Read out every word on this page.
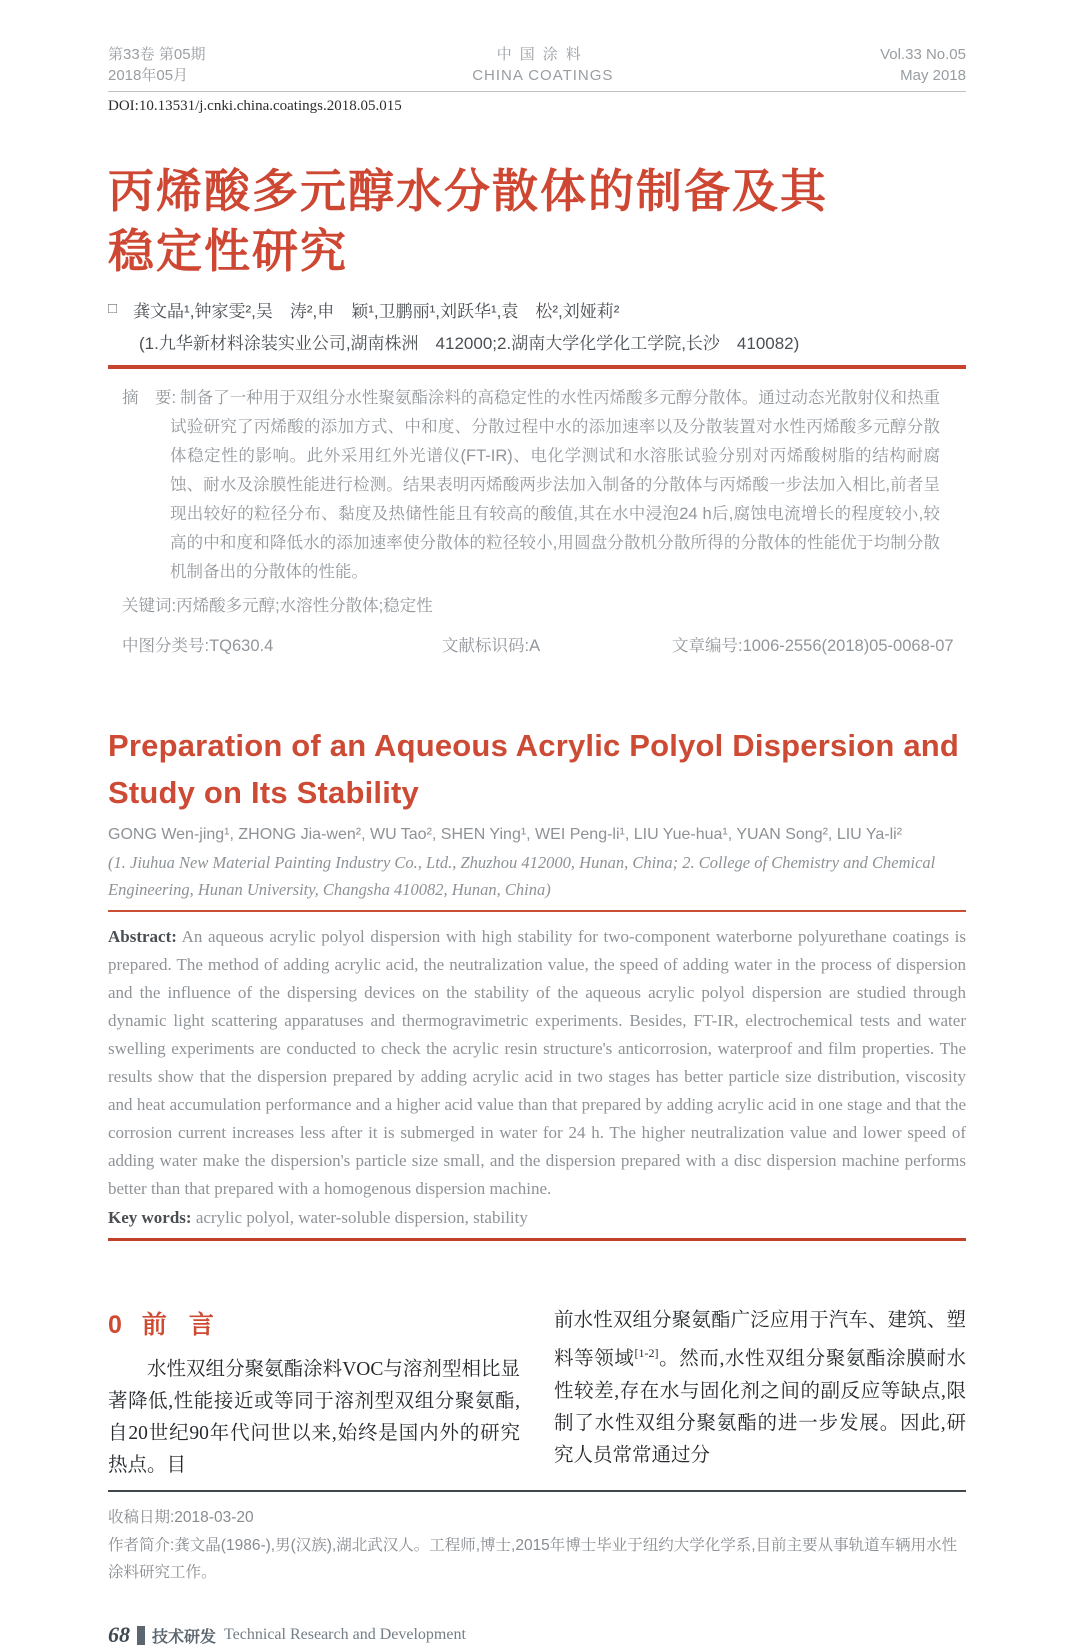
第33卷 第05期
2018年05月
中国涂料
CHINA COATINGS
Vol.33 No.05
May 2018
DOI:10.13531/j.cnki.china.coatings.2018.05.015
丙烯酸多元醇水分散体的制备及其
稳定性研究
□ 龚文晶¹,钟家雯²,吴　涛²,申　颖¹,卫鹏丽¹,刘跃华¹,袁　松²,刘娅莉²
(1.九华新材料涂装实业公司,湖南株洲　412000;2.湖南大学化学化工学院,长沙　410082)

摘　要: 制备了一种用于双组分水性聚氨酯涂料的高稳定性的水性丙烯酸多元醇分散体。通过动态光散射仪和热重试验研究了丙烯酸的添加方式、中和度、分散过程中水的添加速率以及分散装置对水性丙烯酸多元醇分散体稳定性的影响。此外采用红外光谱仪(FT-IR)、电化学测试和水溶胀试验分别对丙烯酸树脂的结构耐腐蚀、耐水及涂膜性能进行检测。结果表明丙烯酸两步法加入制备的分散体与丙烯酸一步法加入相比,前者呈现出较好的粒径分布、黏度及热储性能且有较高的酸值,其在水中浸泡24 h后,腐蚀电流增长的程度较小,较高的中和度和降低水的添加速率使分散体的粒径较小,用圆盘分散机分散所得的分散体的性能优于均制分散机制备出的分散体的性能。

关键词:丙烯酸多元醇;水溶性分散体;稳定性

中图分类号:TQ630.4	文献标识码:A	文章编号:1006-2556(2018)05-0068-07
Preparation of an Aqueous Acrylic Polyol Dispersion and
Study on Its Stability
GONG Wen-jing¹, ZHONG Jia-wen², WU Tao², SHEN Ying¹, WEI Peng-li¹, LIU Yue-hua¹, YUAN Song², LIU Ya-li²
(1. Jiuhua New Material Painting Industry Co., Ltd., Zhuzhou 412000, Hunan, China; 2. College of Chemistry and Chemical Engineering, Hunan University, Changsha 410082, Hunan, China)

Abstract: An aqueous acrylic polyol dispersion with high stability for two-component waterborne polyurethane coatings is prepared. The method of adding acrylic acid, the neutralization value, the speed of adding water in the process of dispersion and the influence of the dispersing devices on the stability of the aqueous acrylic polyol dispersion are studied through dynamic light scattering apparatuses and thermogravimetric experiments. Besides, FT-IR, electrochemical tests and water swelling experiments are conducted to check the acrylic resin structure's anticorrosion, waterproof and film properties. The results show that the dispersion prepared by adding acrylic acid in two stages has better particle size distribution, viscosity and heat accumulation performance and a higher acid value than that prepared by adding acrylic acid in one stage and that the corrosion current increases less after it is submerged in water for 24 h. The higher neutralization value and lower speed of adding water make the dispersion's particle size small, and the dispersion prepared with a disc dispersion machine performs better than that prepared with a homogenous dispersion machine.

Key words: acrylic polyol, water-soluble dispersion, stability

0 前言

水性双组分聚氨酯涂料VOC与溶剂型相比显著降低,性能接近或等同于溶剂型双组分聚氨酯,自20世纪90年代问世以来,始终是国内外的研究热点。目

前水性双组分聚氨酯广泛应用于汽车、建筑、塑料等领域[1-2]。然而,水性双组分聚氨酯涂膜耐水性较差,存在水与固化剂之间的副反应等缺点,限制了水性双组分聚氨酯的进一步发展。因此,研究人员常常通过分

收稿日期:2018-03-20

作者简介:龚文晶(1986-),男(汉族),湖北武汉人。工程师,博士,2015年博士毕业于纽约大学化学系,目前主要从事轨道车辆用水性涂料研究工作。

68 技术研发 Technical Research and Development
